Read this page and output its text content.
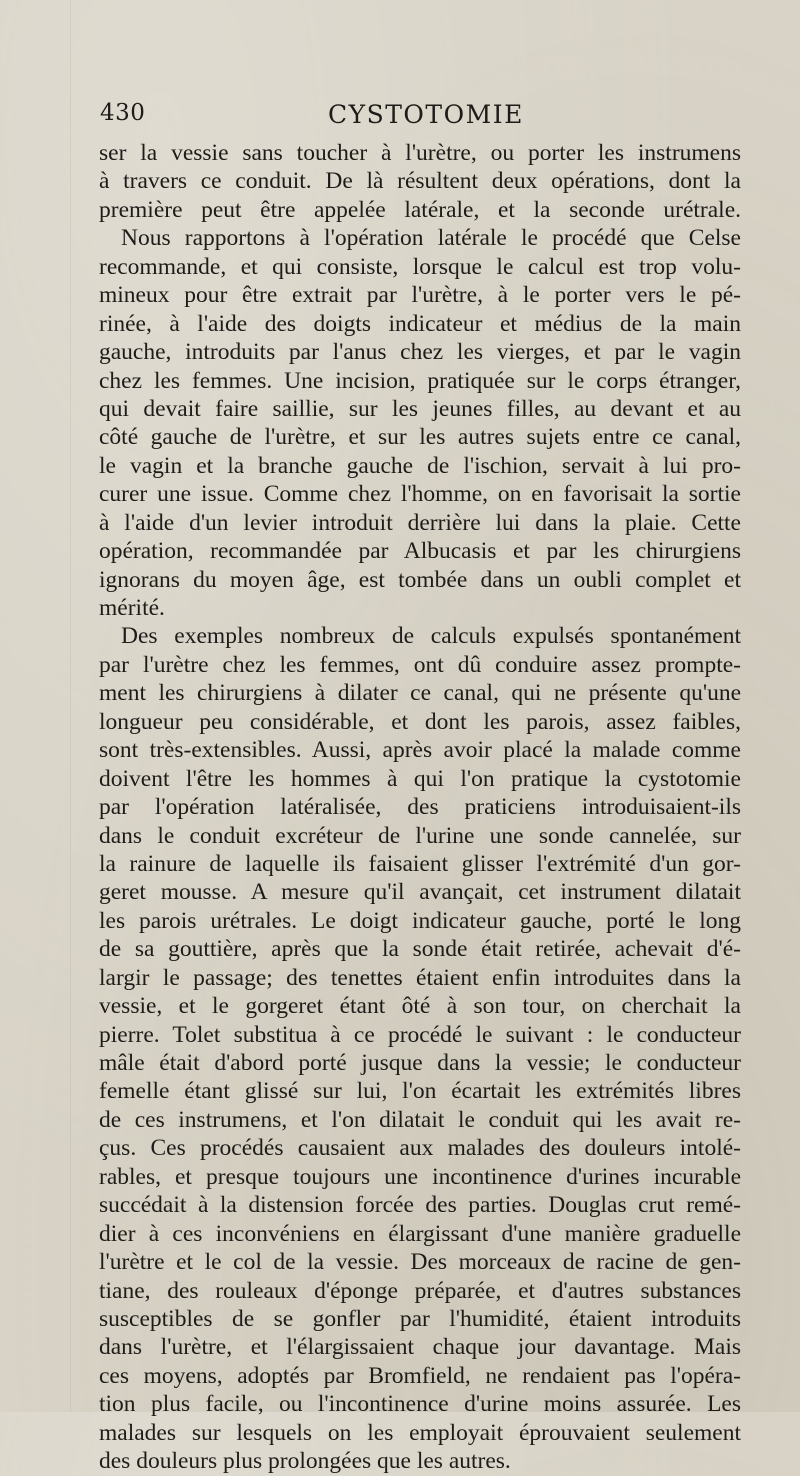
430	CYSTOTOMIE
ser la vessie sans toucher à l'urètre, ou porter les instrumens
à travers ce conduit. De là résultent deux opérations, dont la
première peut être appelée latérale, et la seconde urétrale.
Nous rapportons à l'opération latérale le procédé que Celse
recommande, et qui consiste, lorsque le calcul est trop volu-
mineux pour être extrait par l'urètre, à le porter vers le pé-
rinée, à l'aide des doigts indicateur et médius de la main
gauche, introduits par l'anus chez les vierges, et par le vagin
chez les femmes. Une incision, pratiquée sur le corps étranger,
qui devait faire saillie, sur les jeunes filles, au devant et au
côté gauche de l'urètre, et sur les autres sujets entre ce canal,
le vagin et la branche gauche de l'ischion, servait à lui pro-
curer une issue. Comme chez l'homme, on en favorisait la sortie
à l'aide d'un levier introduit derrière lui dans la plaie. Cette
opération, recommandée par Albucasis et par les chirurgiens
ignorans du moyen âge, est tombée dans un oubli complet et
mérité.
Des exemples nombreux de calculs expulsés spontanément
par l'urètre chez les femmes, ont dû conduire assez prompte-
ment les chirurgiens à dilater ce canal, qui ne présente qu'une
longueur peu considérable, et dont les parois, assez faibles,
sont très-extensibles. Aussi, après avoir placé la malade comme
doivent l'être les hommes à qui l'on pratique la cystotomie
par l'opération latéralisée, des praticiens introduisaient-ils
dans le conduit excréteur de l'urine une sonde cannelée, sur
la rainure de laquelle ils faisaient glisser l'extrémité d'un gor-
geret mousse. A mesure qu'il avançait, cet instrument dilatait
les parois urétrales. Le doigt indicateur gauche, porté le long
de sa gouttière, après que la sonde était retirée, achevait d'é-
largir le passage; des tenettes étaient enfin introduites dans la
vessie, et le gorgeret étant ôté à son tour, on cherchait la
pierre. Tolet substitua à ce procédé le suivant : le conducteur
mâle était d'abord porté jusque dans la vessie; le conducteur
femelle étant glissé sur lui, l'on écartait les extrémités libres
de ces instrumens, et l'on dilatait le conduit qui les avait re-
çus. Ces procédés causaient aux malades des douleurs intolé-
rables, et presque toujours une incontinence d'urines incurable
succédait à la distension forcée des parties. Douglas crut remé-
dier à ces inconvéniens en élargissant d'une manière graduelle
l'urètre et le col de la vessie. Des morceaux de racine de gen-
tiane, des rouleaux d'éponge préparée, et d'autres substances
susceptibles de se gonfler par l'humidité, étaient introduits
dans l'urètre, et l'élargissaient chaque jour davantage. Mais
ces moyens, adoptés par Bromfield, ne rendaient pas l'opéra-
tion plus facile, ou l'incontinence d'urine moins assurée. Les
malades sur lesquels on les employait éprouvaient seulement
des douleurs plus prolongées que les autres.
